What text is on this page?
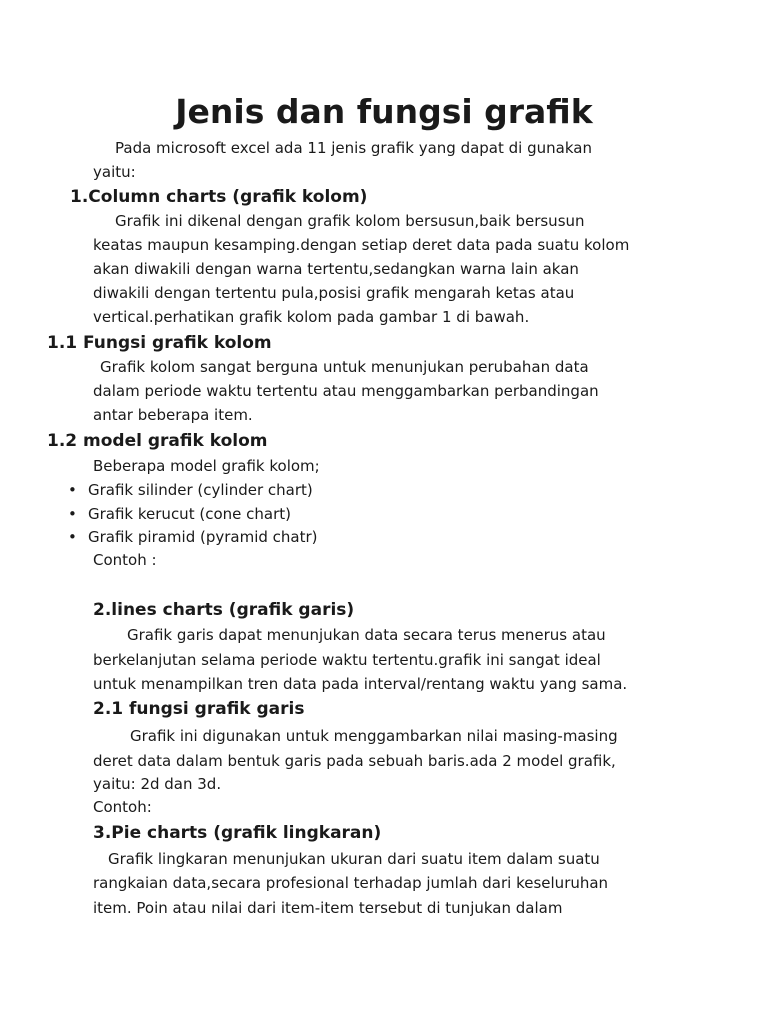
Jenis dan fungsi grafik
Pada microsoft excel ada 11 jenis grafik yang dapat di gunakan
yaitu:
1.Column charts (grafik kolom)
Grafik ini dikenal dengan grafik kolom bersusun,baik bersusun
keatas maupun kesamping.dengan setiap deret data pada suatu kolom
akan diwakili dengan warna tertentu,sedangkan warna lain akan
diwakili dengan tertentu pula,posisi grafik mengarah ketas atau
vertical.perhatikan grafik kolom pada gambar 1 di bawah.
1.1 Fungsi grafik kolom
Grafik kolom sangat berguna untuk menunjukan perubahan data
dalam periode waktu tertentu atau menggambarkan perbandingan
antar beberapa item.
1.2 model grafik kolom
Beberapa model grafik kolom;
• Grafik silinder (cylinder chart)
• Grafik kerucut (cone chart)
• Grafik piramid (pyramid chatr)
Contoh :
2.lines charts (grafik garis)
Grafik garis dapat menunjukan data secara terus menerus atau
berkelanjutan selama periode waktu tertentu.grafik ini sangat ideal
untuk menampilkan tren data pada interval/rentang waktu yang sama.
2.1 fungsi grafik garis
Grafik ini digunakan untuk menggambarkan nilai masing-masing
deret data dalam bentuk garis pada sebuah baris.ada 2 model grafik,
yaitu: 2d dan 3d.
Contoh:
3.Pie charts (grafik lingkaran)
Grafik lingkaran menunjukan ukuran dari suatu item dalam suatu
rangkaian data,secara profesional terhadap jumlah dari keseluruhan
item. Poin atau nilai dari item-item tersebut di tunjukan dalam
